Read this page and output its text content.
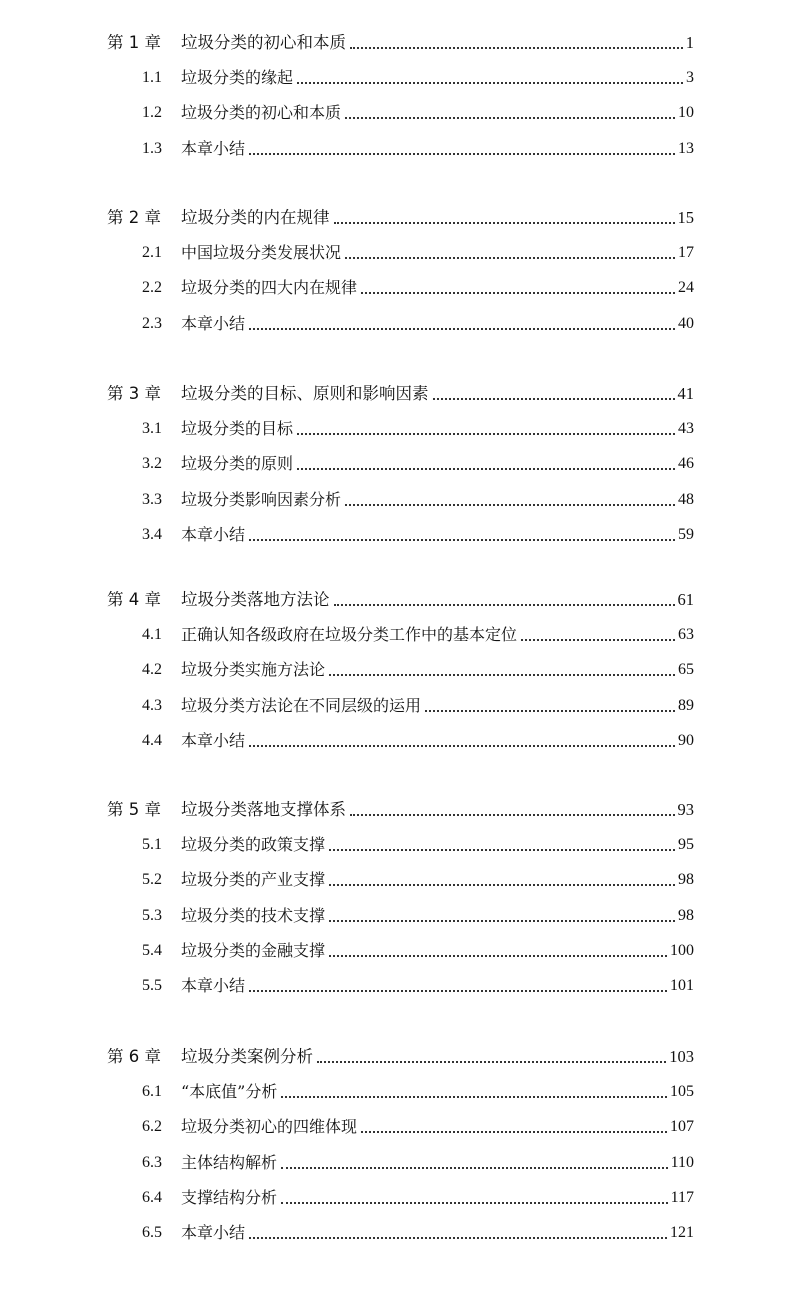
第 1 章 垃圾分类的初心和本质	1
1.1 垃圾分类的缘起	3
1.2 垃圾分类的初心和本质	10
1.3 本章小结	13
第 2 章 垃圾分类的内在规律	15
2.1 中国垃圾分类发展状况	17
2.2 垃圾分类的四大内在规律	24
2.3 本章小结	40
第 3 章 垃圾分类的目标、原则和影响因素	41
3.1 垃圾分类的目标	43
3.2 垃圾分类的原则	46
3.3 垃圾分类影响因素分析	48
3.4 本章小结	59
第 4 章 垃圾分类落地方法论	61
4.1 正确认知各级政府在垃圾分类工作中的基本定位	63
4.2 垃圾分类实施方法论	65
4.3 垃圾分类方法论在不同层级的运用	89
4.4 本章小结	90
第 5 章 垃圾分类落地支撑体系	93
5.1 垃圾分类的政策支撑	95
5.2 垃圾分类的产业支撑	98
5.3 垃圾分类的技术支撑	98
5.4 垃圾分类的金融支撑	100
5.5 本章小结	101
第 6 章 垃圾分类案例分析	103
6.1 “本底值”分析	105
6.2 垃圾分类初心的四维体现	107
6.3 主体结构解析	110
6.4 支撑结构分析	117
6.5 本章小结	121
